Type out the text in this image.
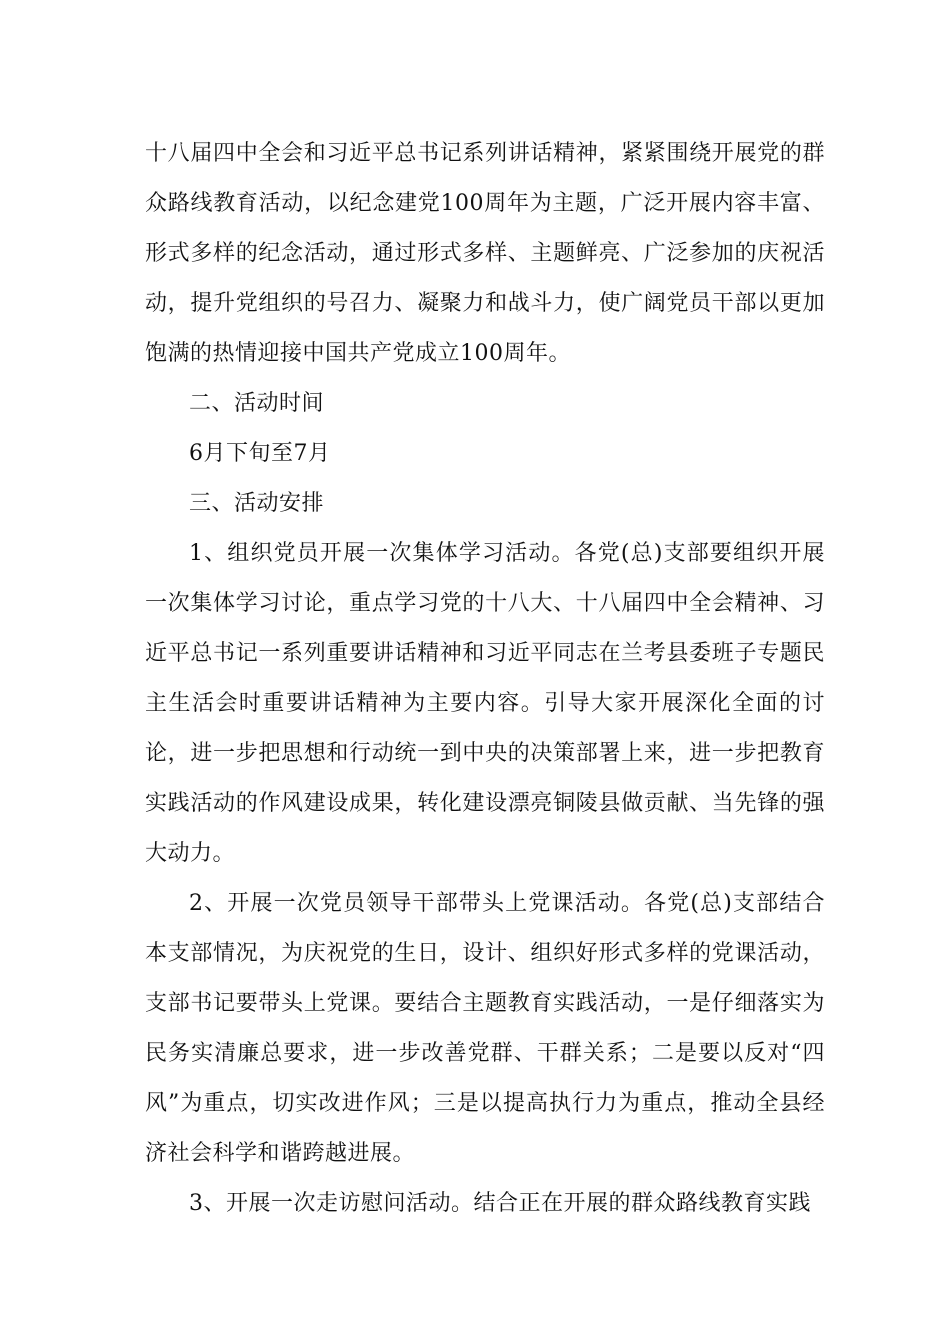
十八届四中全会和习近平总书记系列讲话精神，紧紧围绕开展党的群众路线教育活动，以纪念建党100周年为主题，广泛开展内容丰富、形式多样的纪念活动，通过形式多样、主题鲜亮、广泛参加的庆祝活动，提升党组织的号召力、凝聚力和战斗力，使广阔党员干部以更加饱满的热情迎接中国共产党成立100周年。

二、活动时间

6月下旬至7月

三、活动安排

1、组织党员开展一次集体学习活动。各党(总)支部要组织开展一次集体学习讨论，重点学习党的十八大、十八届四中全会精神、习近平总书记一系列重要讲话精神和习近平同志在兰考县委班子专题民主生活会时重要讲话精神为主要内容。引导大家开展深化全面的讨论，进一步把思想和行动统一到中央的决策部署上来，进一步把教育实践活动的作风建设成果，转化建设漂亮铜陵县做贡献、当先锋的强大动力。

2、开展一次党员领导干部带头上党课活动。各党(总)支部结合本支部情况，为庆祝党的生日，设计、组织好形式多样的党课活动，支部书记要带头上党课。要结合主题教育实践活动，一是仔细落实为民务实清廉总要求，进一步改善党群、干群关系；二是要以反对“四风”为重点，切实改进作风；三是以提高执行力为重点，推动全县经济社会科学和谐跨越进展。

3、开展一次走访慰问活动。结合正在开展的群众路线教育实践
